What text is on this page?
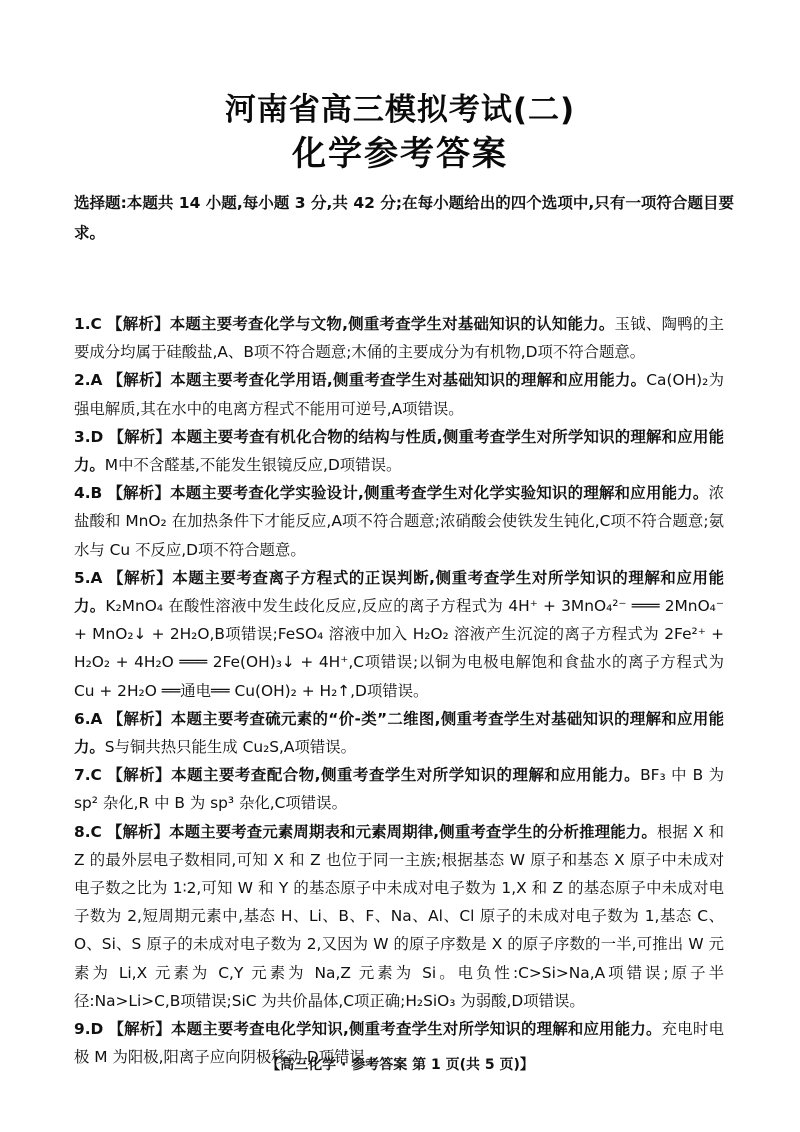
河南省高三模拟考试(二)
化学参考答案
选择题:本题共 14 小题,每小题 3 分,共 42 分;在每小题给出的四个选项中,只有一项符合题目要求。
1.C 【解析】本题主要考查化学与文物,侧重考查学生对基础知识的认知能力。玉钺、陶鸭的主要成分均属于硅酸盐,A、B项不符合题意;木俑的主要成分为有机物,D项不符合题意。
2.A 【解析】本题主要考查化学用语,侧重考查学生对基础知识的理解和应用能力。Ca(OH)₂为强电解质,其在水中的电离方程式不能用可逆号,A项错误。
3.D 【解析】本题主要考查有机化合物的结构与性质,侧重考查学生对所学知识的理解和应用能力。M中不含醛基,不能发生银镜反应,D项错误。
4.B 【解析】本题主要考查化学实验设计,侧重考查学生对化学实验知识的理解和应用能力。浓盐酸和 MnO₂ 在加热条件下才能反应,A项不符合题意;浓硝酸会使铁发生钝化,C项不符合题意;氨水与 Cu 不反应,D项不符合题意。
5.A 【解析】本题主要考查离子方程式的正误判断,侧重考查学生对所学知识的理解和应用能力。K₂MnO₄ 在酸性溶液中发生歧化反应,反应的离子方程式为 4H⁺ + 3MnO₄²⁻ ═══ 2MnO₄⁻ + MnO₂↓ + 2H₂O,B项错误;FeSO₄ 溶液中加入 H₂O₂ 溶液产生沉淀的离子方程式为 2Fe²⁺ + H₂O₂ + 4H₂O ═══ 2Fe(OH)₃↓ + 4H⁺,C项错误;以铜为电极电解饱和食盐水的离子方程式为 Cu + 2H₂O ══通电══ Cu(OH)₂ + H₂↑,D项错误。
6.A 【解析】本题主要考查硫元素的“价-类”二维图,侧重考查学生对基础知识的理解和应用能力。S与铜共热只能生成 Cu₂S,A项错误。
7.C 【解析】本题主要考查配合物,侧重考查学生对所学知识的理解和应用能力。BF₃ 中 B 为 sp² 杂化,R 中 B 为 sp³ 杂化,C项错误。
8.C 【解析】本题主要考查元素周期表和元素周期律,侧重考查学生的分析推理能力。根据 X 和 Z 的最外层电子数相同,可知 X 和 Z 也位于同一主族;根据基态 W 原子和基态 X 原子中未成对电子数之比为 1∶2,可知 W 和 Y 的基态原子中未成对电子数为 1,X 和 Z 的基态原子中未成对电子数为 2,短周期元素中,基态 H、Li、B、F、Na、Al、Cl 原子的未成对电子数为 1,基态 C、O、Si、S 原子的未成对电子数为 2,又因为 W 的原子序数是 X 的原子序数的一半,可推出 W 元素为 Li,X 元素为 C,Y 元素为 Na,Z 元素为 Si。电负性:C>Si>Na,A项错误;原子半径:Na>Li>C,B项错误;SiC 为共价晶体,C项正确;H₂SiO₃ 为弱酸,D项错误。
9.D 【解析】本题主要考查电化学知识,侧重考查学生对所学知识的理解和应用能力。充电时电极 M 为阳极,阳离子应向阴极移动,D项错误。
【高三化学 · 参考答案 第 1 页(共 5 页)】
